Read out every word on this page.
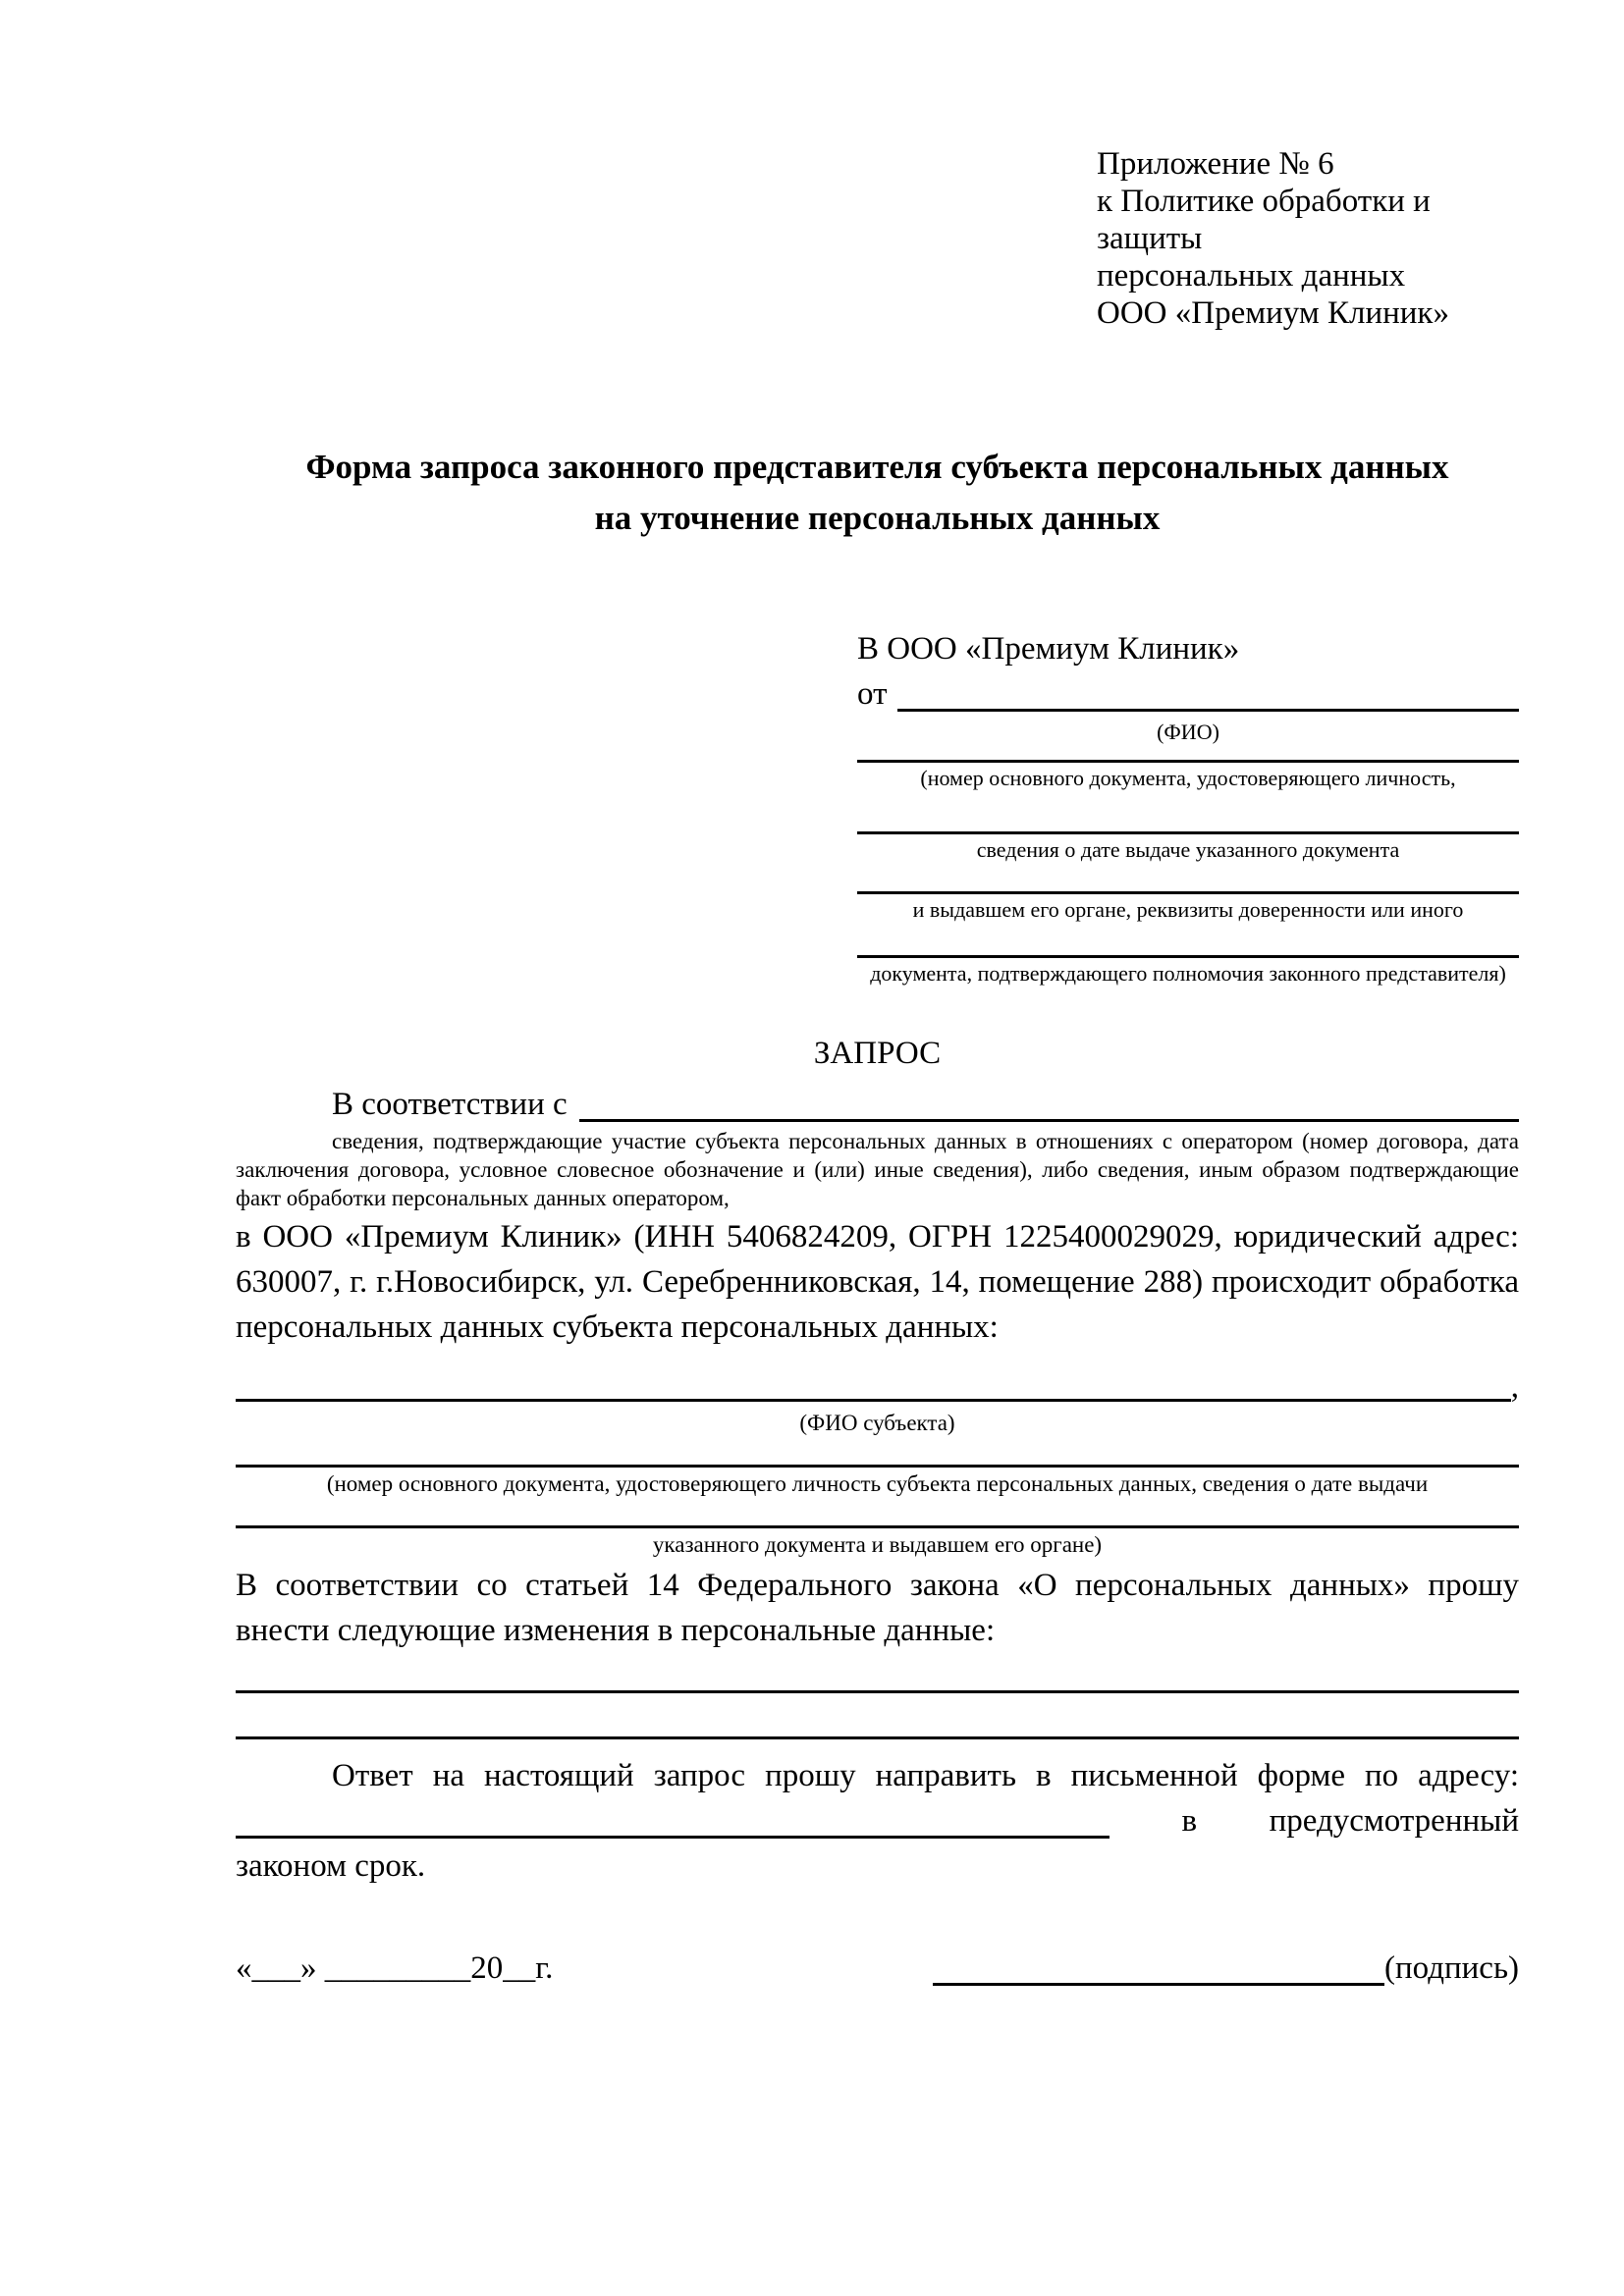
Приложение № 6
к Политике обработки и защиты
персональных данных
ООО «Премиум Клиник»
Форма запроса законного представителя субъекта персональных данных
на уточнение персональных данных
В ООО «Премиум Клиник»
от
(ФИО)
(номер основного документа, удостоверяющего личность,
сведения о дате выдаче указанного документа
и выдавшем его органе, реквизиты доверенности или иного
документа, подтверждающего полномочия законного представителя)
ЗАПРОС
В соответствии с
сведения, подтверждающие участие субъекта персональных данных в отношениях с оператором (номер договора, дата заключения договора, условное словесное обозначение и (или) иные сведения), либо сведения, иным образом подтверждающие факт обработки персональных данных оператором,

в ООО «Премиум Клиник» (ИНН 5406824209, ОГРН 1225400029029, юридический адрес: 630007, г. г.Новосибирск, ул. Серебренниковская, 14, помещение 288) происходит обработка персональных данных субъекта персональных данных:

,
(ФИО субъекта)
(номер основного документа, удостоверяющего личность субъекта персональных данных, сведения о дате выдачи
указанного документа и выдавшем его органе)

В соответствии со статьей 14 Федерального закона «О персональных данных» прошу внести следующие изменения в персональные данные:

Ответ на настоящий запрос прошу направить в письменной форме по адресу:
в предусмотренный
законом срок.
«___» _________20__г.	(подпись)
